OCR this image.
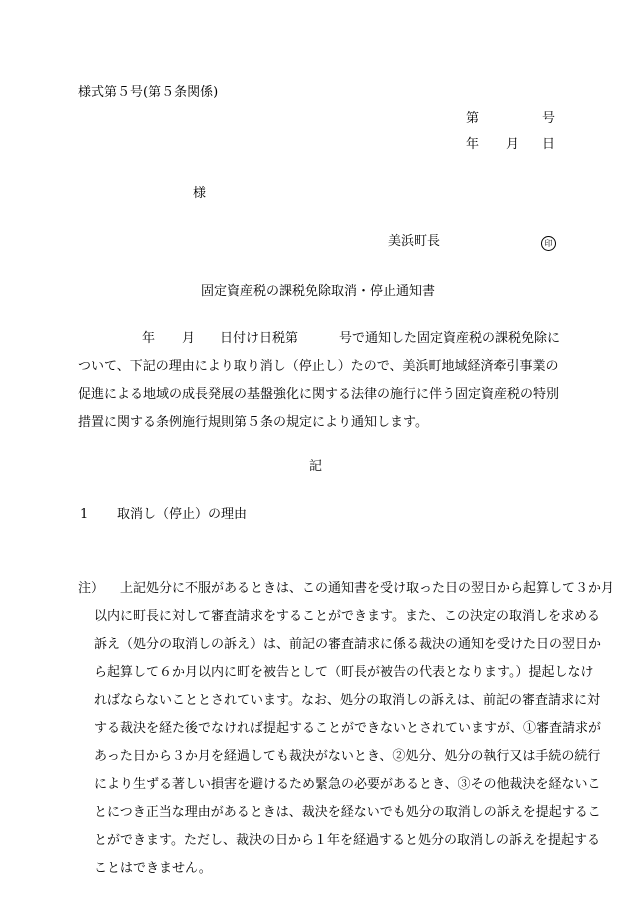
様式第５号(第５条関係)
第	号
年 月 日
様
美浜町長	印
固定資産税の課税免除取消・停止通知書
年 月 日付け日税第	号で通知した固定資産税の課税免除に
ついて、下記の理由により取り消し（停止し）たので、美浜町地域経済牽引事業の
促進による地域の成長発展の基盤強化に関する法律の施行に伴う固定資産税の特別
措置に関する条例施行規則第５条の規定により通知します。
記
1 取消し（停止）の理由
注） 上記処分に不服があるときは、この通知書を受け取った日の翌日から起算して３か月
以内に町長に対して審査請求をすることができます。また、この決定の取消しを求める
訴え（処分の取消しの訴え）は、前記の審査請求に係る裁決の通知を受けた日の翌日か
ら起算して６か月以内に町を被告として（町長が被告の代表となります。）提起しなけ
ればならないこととされています。なお、処分の取消しの訴えは、前記の審査請求に対
する裁決を経た後でなければ提起することができないとされていますが、①審査請求が
あった日から３か月を経過しても裁決がないとき、②処分、処分の執行又は手続の続行
により生ずる著しい損害を避けるため緊急の必要があるとき、③その他裁決を経ないこ
とにつき正当な理由があるときは、裁決を経ないでも処分の取消しの訴えを提起するこ
とができます。ただし、裁決の日から１年を経過すると処分の取消しの訴えを提起する
ことはできません。
